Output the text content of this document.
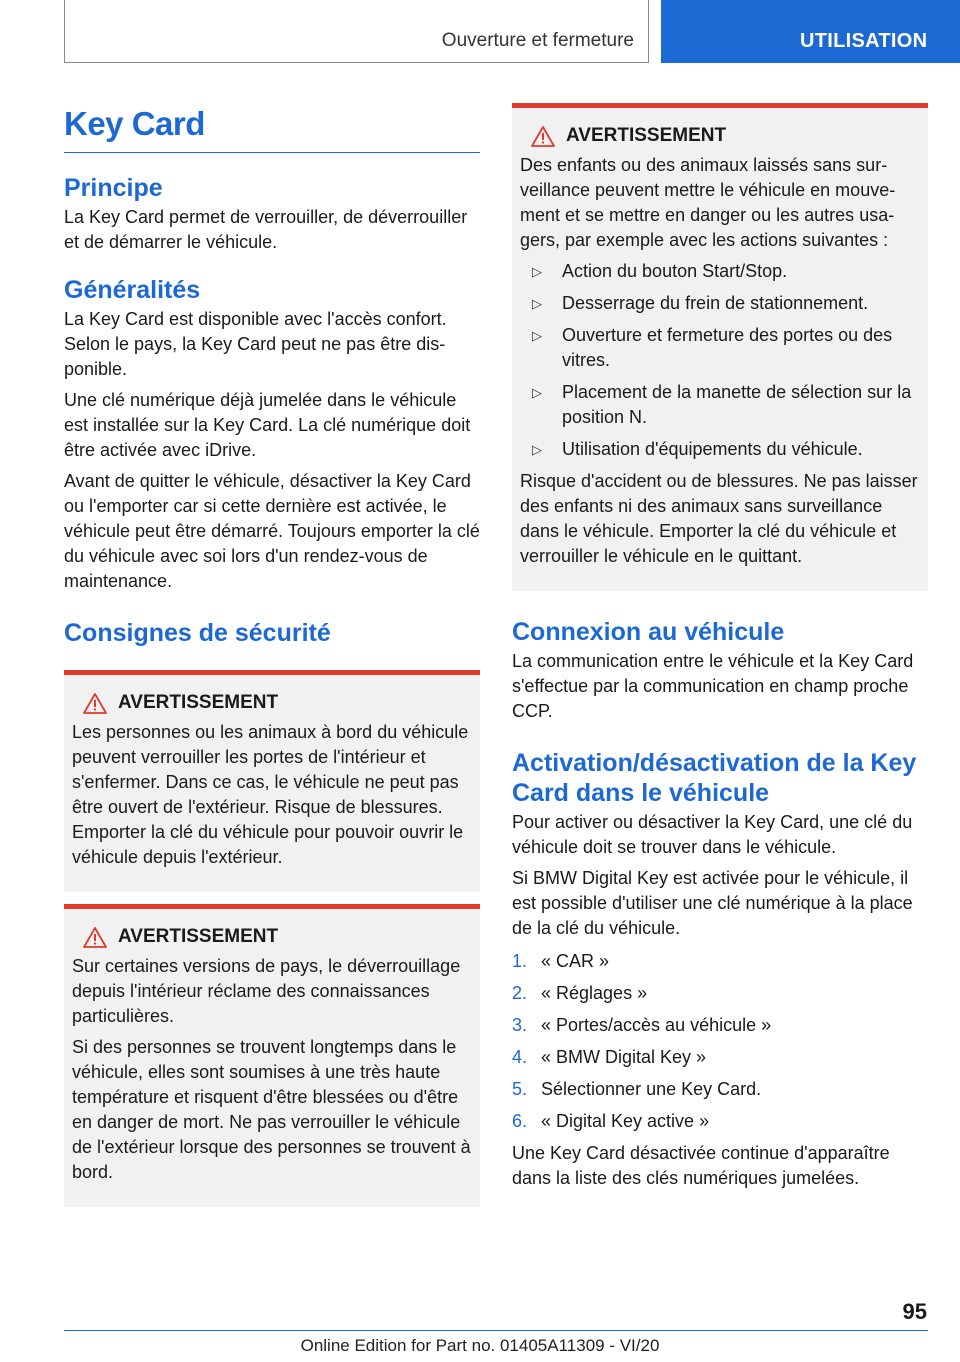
Ouverture et fermeture	UTILISATION
Key Card
Principe

La Key Card permet de verrouiller, de déverrouiller et de démarrer le véhicule.

Généralités

La Key Card est disponible avec l'accès confort. Selon le pays, la Key Card peut ne pas être disponible.

Une clé numérique déjà jumelée dans le véhicule est installée sur la Key Card. La clé numérique doit être activée avec iDrive.

Avant de quitter le véhicule, désactiver la Key Card ou l'emporter car si cette dernière est activée, le véhicule peut être démarré. Toujours emporter la clé du véhicule avec soi lors d'un rendez-vous de maintenance.

Consignes de sécurité
AVERTISSEMENT

Les personnes ou les animaux à bord du véhicule peuvent verrouiller les portes de l'intérieur et s'enfermer. Dans ce cas, le véhicule ne peut pas être ouvert de l'extérieur. Risque de blessures. Emporter la clé du véhicule pour pouvoir ouvrir le véhicule depuis l'extérieur.

AVERTISSEMENT

Sur certaines versions de pays, le déverrouillage depuis l'intérieur réclame des connaissances particulières.

Si des personnes se trouvent longtemps dans le véhicule, elles sont soumises à une très haute température et risquent d'être blessées ou d'être en danger de mort. Ne pas verrouiller le véhicule de l'extérieur lorsque des personnes se trouvent à bord.

AVERTISSEMENT

Des enfants ou des animaux laissés sans surveillance peuvent mettre le véhicule en mouvement et se mettre en danger ou les autres usagers, par exemple avec les actions suivantes :

▷	Action du bouton Start/Stop.
▷	Desserrage du frein de stationnement.
▷	Ouverture et fermeture des portes ou des vitres.
▷	Placement de la manette de sélection sur la position N.
▷	Utilisation d'équipements du véhicule.

Risque d'accident ou de blessures. Ne pas laisser des enfants ni des animaux sans surveillance dans le véhicule. Emporter la clé du véhicule et verrouiller le véhicule en le quittant.

Connexion au véhicule

La communication entre le véhicule et la Key Card s'effectue par la communication en champ proche CCP.

Activation/désactivation de la Key Card dans le véhicule

Pour activer ou désactiver la Key Card, une clé du véhicule doit se trouver dans le véhicule.

Si BMW Digital Key est activée pour le véhicule, il est possible d'utiliser une clé numérique à la place de la clé du véhicule.

1. « CAR »
2. « Réglages »
3. « Portes/accès au véhicule »
4. « BMW Digital Key »
5. Sélectionner une Key Card.
6. « Digital Key active »

Une Key Card désactivée continue d'apparaître dans la liste des clés numériques jumelées.

95
Online Edition for Part no. 01405A11309 - VI/20
